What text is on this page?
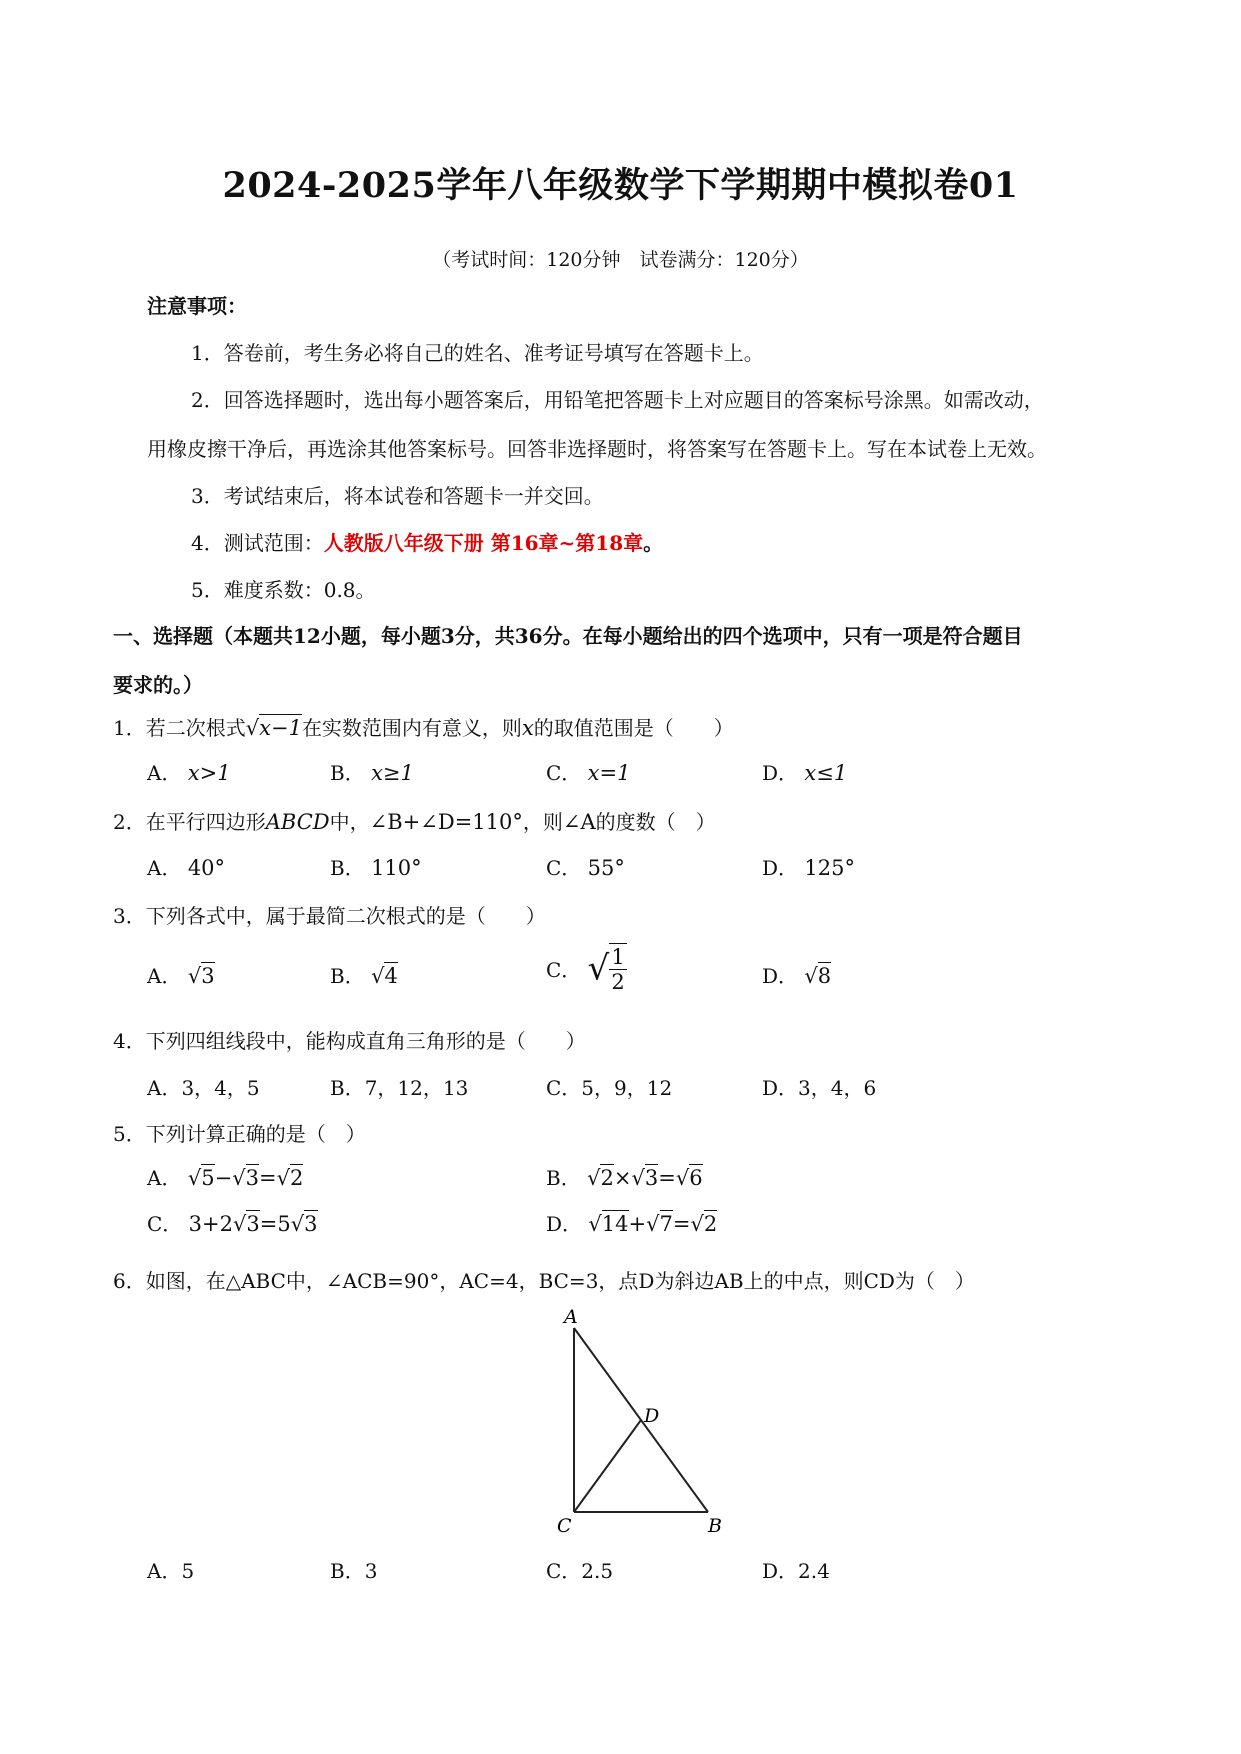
2024-2025学年八年级数学下学期期中模拟卷01
（考试时间：120分钟　试卷满分：120分）
注意事项：
1．答卷前，考生务必将自己的姓名、准考证号填写在答题卡上。
2．回答选择题时，选出每小题答案后，用铅笔把答题卡上对应题目的答案标号涂黑。如需改动，
用橡皮擦干净后，再选涂其他答案标号。回答非选择题时，将答案写在答题卡上。写在本试卷上无效。
3．考试结束后，将本试卷和答题卡一并交回。
4．测试范围：人教版八年级下册 第16章~第18章。
5．难度系数：0.8。
一、选择题（本题共12小题，每小题3分，共36分。在每小题给出的四个选项中，只有一项是符合题目
要求的。）
1．若二次根式√x−1在实数范围内有意义，则x的取值范围是（　　）
A． x>1	B． x≥1	C． x=1	D． x≤1
2．在平行四边形ABCD中，∠B+∠D=110°，则∠A的度数（　）
A． 40°	B． 110°	C． 55°	D． 125°
3．下列各式中，属于最简二次根式的是（　　）
A． √3	B． √4	C． √ $\frac{1}{2}$	D． √8
4．下列四组线段中，能构成直角三角形的是（　　）
A．3，4，5	B．7，12，13	C．5，9，12	D．3，4，6
5．下列计算正确的是（　）
A． √5−√3=√2	B． √2×√3=√6
C． 3+2√3=5√3	D． √14+√7=√2
6．如图，在△ABC中，∠ACB=90°，AC=4，BC=3，点D为斜边AB上的中点，则CD为（　）
A
D
C	B
A．5	B．3	C．2.5	D．2.4
